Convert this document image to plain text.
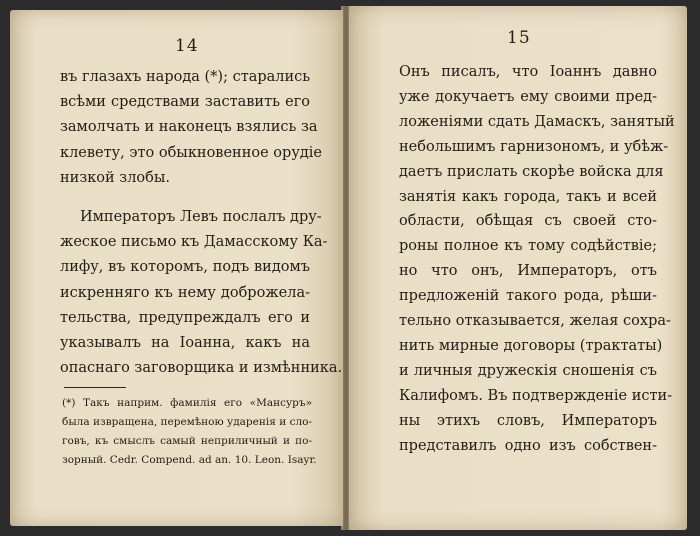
14
въ глазахъ народа (*); старались
всѣми средствами заставить его
замолчать и наконецъ взялись за
клевету, это обыкновенное орудіе
низкой злобы.
Императоръ Левъ послалъ дру-
жеское письмо къ Дамасскому Ка-
лифу, въ которомъ, подъ видомъ
искренняго къ нему доброжела-
тельства, предупреждалъ его и
указывалъ на Іоанна, какъ на
опаснаго заговорщика и измѣнника.
(*) Такъ наприм. фамилія его «Мансуръ»
была извращена, перемѣною ударенія и сло-
говъ, къ смыслъ самый неприличный и по-
зорный. Cedr. Compend. ad an. 10. Leon. Isayr.
15
Онъ писалъ, что Іоаннъ давно
уже докучаетъ ему своими пред-
ложеніями сдать Дамаскъ, занятый
небольшимъ гарнизономъ, и убѣж-
даетъ прислать скорѣе войска для
занятія какъ города, такъ и всей
области, обѣщая съ своей сто-
роны полное къ тому содѣйствіе;
но что онъ, Императоръ, отъ
предложеній такого рода, рѣши-
тельно отказывается, желая сохра-
нить мирные договоры (трактаты)
и личныя дружескія сношенія съ
Калифомъ. Въ подтвержденіе исти-
ны этихъ словъ, Императоръ
представилъ одно изъ собствен-
